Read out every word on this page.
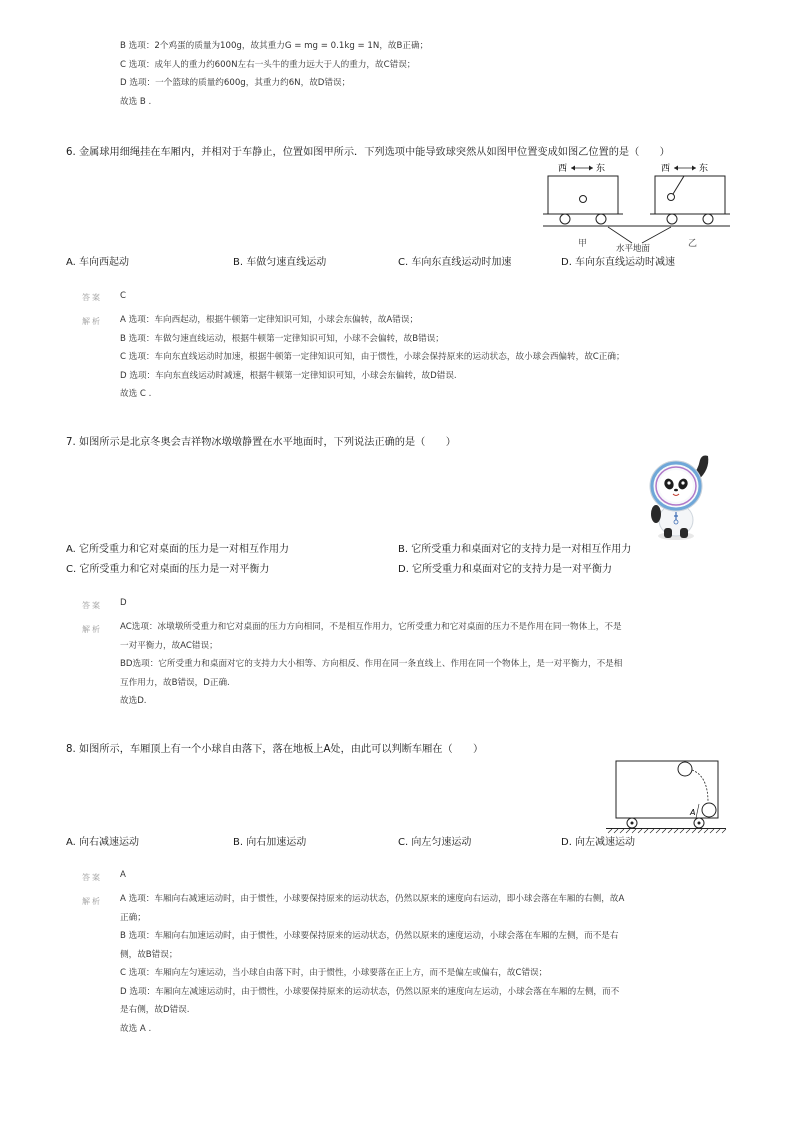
B 选项：2个鸡蛋的质量为100g，故其重力G = mg = 0.1kg = 1N，故B正确；
C 选项：成年人的重力约600N左右一头牛的重力远大于人的重力，故C错误；
D 选项：一个篮球的质量约600g，其重力约6N，故D错误；
故选 B .
6. 金属球用细绳挂在车厢内，并相对于车静止，位置如图甲所示．下列选项中能导致球突然从如图甲位置变成如图乙位置的是（　　）
西	东	西	东
甲	乙
水平地面
A. 车向西起动	B. 车做匀速直线运动	C. 车向东直线运动时加速	D. 车向东直线运动时减速
答案 C
解析 A 选项：车向西起动，根据牛顿第一定律知识可知，小球会东偏转，故A错误；
B 选项：车做匀速直线运动，根据牛顿第一定律知识可知，小球不会偏转，故B错误；
C 选项：车向东直线运动时加速，根据牛顿第一定律知识可知，由于惯性，小球会保持原来的运动状态，故小球会西偏转，故C正确；
D 选项：车向东直线运动时减速，根据牛顿第一定律知识可知，小球会东偏转，故D错误.
故选 C .
7. 如图所示是北京冬奥会吉祥物冰墩墩静置在水平地面时，下列说法正确的是（　　）
A. 它所受重力和它对桌面的压力是一对相互作用力	B. 它所受重力和桌面对它的支持力是一对相互作用力
C. 它所受重力和它对桌面的压力是一对平衡力	D. 它所受重力和桌面对它的支持力是一对平衡力
答案 D
解析 AC选项：冰墩墩所受重力和它对桌面的压力方向相同，不是相互作用力，它所受重力和它对桌面的压力不是作用在同一物体上，不是
一对平衡力，故AC错误；
BD选项：它所受重力和桌面对它的支持力大小相等、方向相反、作用在同一条直线上、作用在同一个物体上，是一对平衡力，不是相
互作用力，故B错误，D正确.
故选D.
8. 如图所示，车厢顶上有一个小球自由落下，落在地板上A处，由此可以判断车厢在（　　）
A
A. 向右减速运动	B. 向右加速运动	C. 向左匀速运动	D. 向左减速运动
答案 A
解析 A 选项：车厢向右减速运动时，由于惯性，小球要保持原来的运动状态，仍然以原来的速度向右运动，即小球会落在车厢的右侧，故A
正确；
B 选项：车厢向右加速运动时，由于惯性，小球要保持原来的运动状态，仍然以原来的速度运动，小球会落在车厢的左侧，而不是右
侧，故B错误；
C 选项：车厢向左匀速运动，当小球自由落下时，由于惯性，小球要落在正上方，而不是偏左或偏右，故C错误；
D 选项：车厢向左减速运动时，由于惯性，小球要保持原来的运动状态，仍然以原来的速度向左运动，小球会落在车厢的左侧，而不
是右侧，故D错误.
故选 A .
